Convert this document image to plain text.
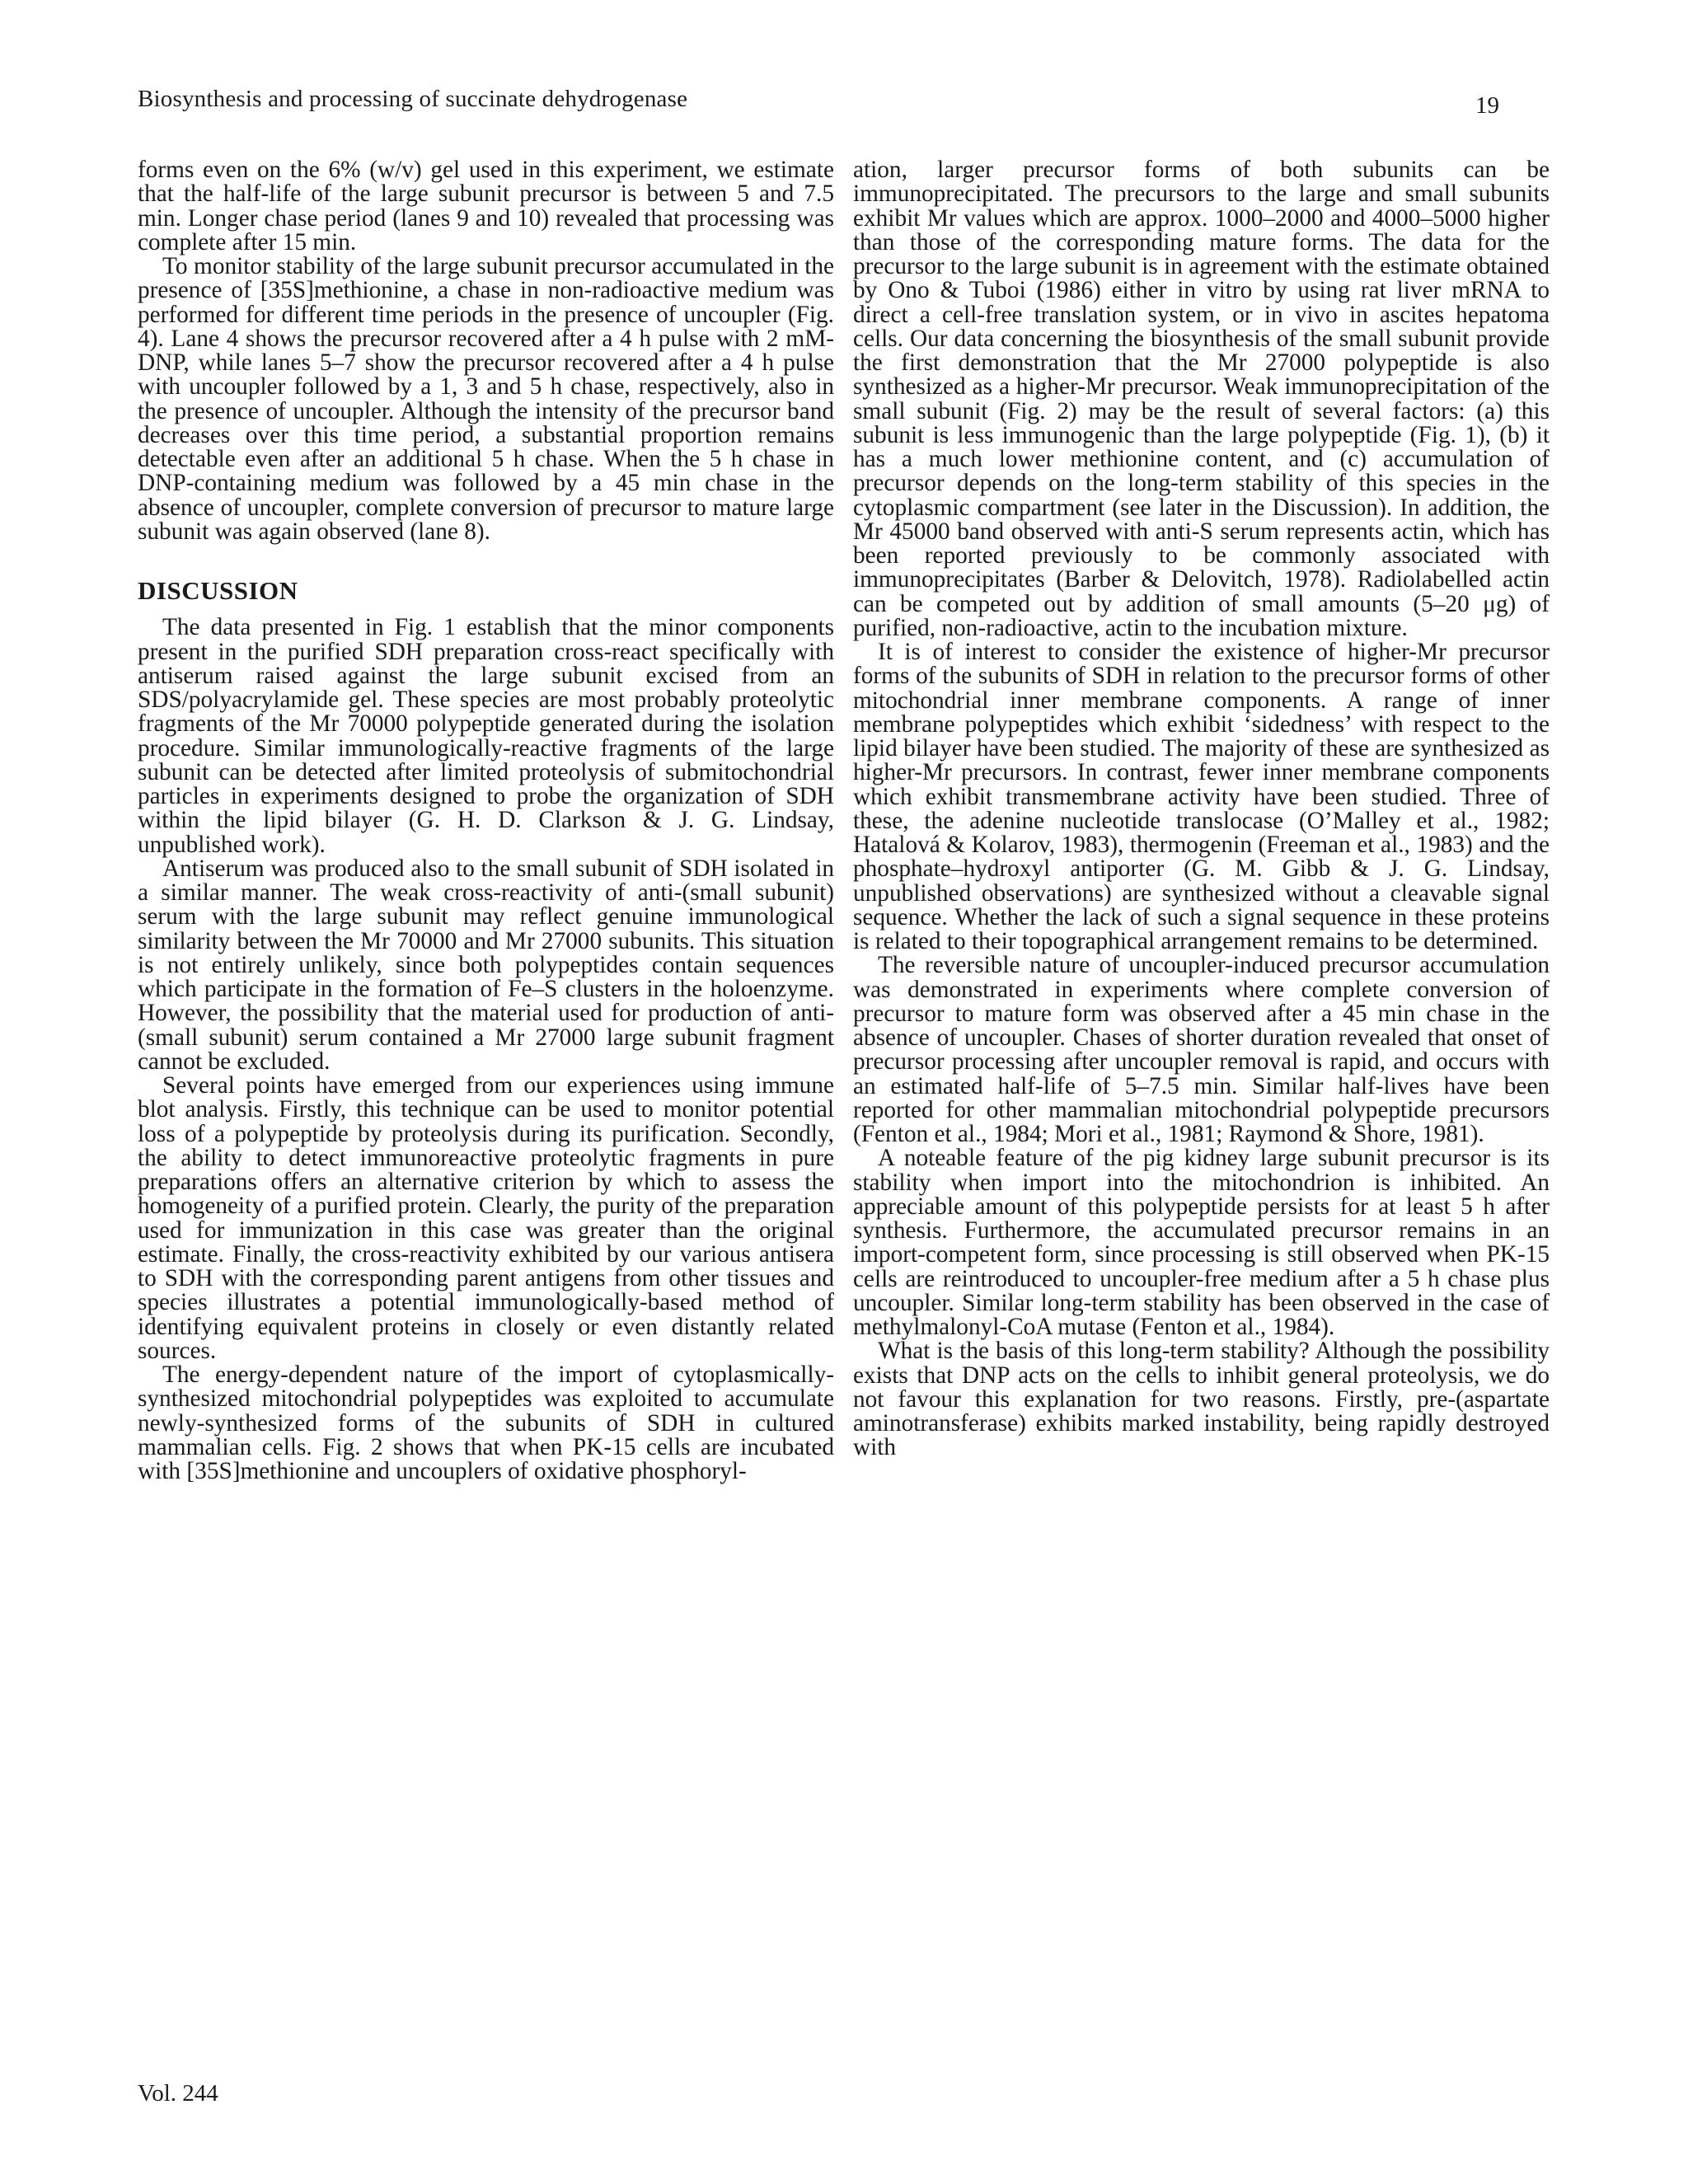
Biosynthesis and processing of succinate dehydrogenase	19

forms even on the 6% (w/v) gel used in this experiment, we estimate that the half-life of the large subunit precursor is between 5 and 7.5 min. Longer chase period (lanes 9 and 10) revealed that processing was complete after 15 min.

To monitor stability of the large subunit precursor accumulated in the presence of [35S]methionine, a chase in non-radioactive medium was performed for different time periods in the presence of uncoupler (Fig. 4). Lane 4 shows the precursor recovered after a 4 h pulse with 2 mM-DNP, while lanes 5–7 show the precursor recovered after a 4 h pulse with uncoupler followed by a 1, 3 and 5 h chase, respectively, also in the presence of uncoupler. Although the intensity of the precursor band decreases over this time period, a substantial proportion remains detectable even after an additional 5 h chase. When the 5 h chase in DNP-containing medium was followed by a 45 min chase in the absence of uncoupler, complete conversion of precursor to mature large subunit was again observed (lane 8).

DISCUSSION

The data presented in Fig. 1 establish that the minor components present in the purified SDH preparation cross-react specifically with antiserum raised against the large subunit excised from an SDS/polyacrylamide gel. These species are most probably proteolytic fragments of the Mr 70000 polypeptide generated during the isolation procedure. Similar immunologically-reactive fragments of the large subunit can be detected after limited proteolysis of submitochondrial particles in experiments designed to probe the organization of SDH within the lipid bilayer (G. H. D. Clarkson & J. G. Lindsay, unpublished work).

Antiserum was produced also to the small subunit of SDH isolated in a similar manner. The weak cross-reactivity of anti-(small subunit) serum with the large subunit may reflect genuine immunological similarity between the Mr 70000 and Mr 27000 subunits. This situation is not entirely unlikely, since both polypeptides contain sequences which participate in the formation of Fe–S clusters in the holoenzyme. However, the possibility that the material used for production of anti-(small subunit) serum contained a Mr 27000 large subunit fragment cannot be excluded.

Several points have emerged from our experiences using immune blot analysis. Firstly, this technique can be used to monitor potential loss of a polypeptide by proteolysis during its purification. Secondly, the ability to detect immunoreactive proteolytic fragments in pure preparations offers an alternative criterion by which to assess the homogeneity of a purified protein. Clearly, the purity of the preparation used for immunization in this case was greater than the original estimate. Finally, the cross-reactivity exhibited by our various antisera to SDH with the corresponding parent antigens from other tissues and species illustrates a potential immunologically-based method of identifying equivalent proteins in closely or even distantly related sources.

The energy-dependent nature of the import of cytoplasmically-synthesized mitochondrial polypeptides was exploited to accumulate newly-synthesized forms of the subunits of SDH in cultured mammalian cells. Fig. 2 shows that when PK-15 cells are incubated with [35S]methionine and uncouplers of oxidative phosphoryl-

ation, larger precursor forms of both subunits can be immunoprecipitated. The precursors to the large and small subunits exhibit Mr values which are approx. 1000–2000 and 4000–5000 higher than those of the corresponding mature forms. The data for the precursor to the large subunit is in agreement with the estimate obtained by Ono & Tuboi (1986) either in vitro by using rat liver mRNA to direct a cell-free translation system, or in vivo in ascites hepatoma cells. Our data concerning the biosynthesis of the small subunit provide the first demonstration that the Mr 27000 polypeptide is also synthesized as a higher-Mr precursor. Weak immunoprecipitation of the small subunit (Fig. 2) may be the result of several factors: (a) this subunit is less immunogenic than the large polypeptide (Fig. 1), (b) it has a much lower methionine content, and (c) accumulation of precursor depends on the long-term stability of this species in the cytoplasmic compartment (see later in the Discussion). In addition, the Mr 45000 band observed with anti-S serum represents actin, which has been reported previously to be commonly associated with immunoprecipitates (Barber & Delovitch, 1978). Radiolabelled actin can be competed out by addition of small amounts (5–20 μg) of purified, non-radioactive, actin to the incubation mixture.

It is of interest to consider the existence of higher-Mr precursor forms of the subunits of SDH in relation to the precursor forms of other mitochondrial inner membrane components. A range of inner membrane polypeptides which exhibit ‘sidedness’ with respect to the lipid bilayer have been studied. The majority of these are synthesized as higher-Mr precursors. In contrast, fewer inner membrane components which exhibit transmembrane activity have been studied. Three of these, the adenine nucleotide translocase (O’Malley et al., 1982; Hatalová & Kolarov, 1983), thermogenin (Freeman et al., 1983) and the phosphate–hydroxyl antiporter (G. M. Gibb & J. G. Lindsay, unpublished observations) are synthesized without a cleavable signal sequence. Whether the lack of such a signal sequence in these proteins is related to their topographical arrangement remains to be determined.

The reversible nature of uncoupler-induced precursor accumulation was demonstrated in experiments where complete conversion of precursor to mature form was observed after a 45 min chase in the absence of uncoupler. Chases of shorter duration revealed that onset of precursor processing after uncoupler removal is rapid, and occurs with an estimated half-life of 5–7.5 min. Similar half-lives have been reported for other mammalian mitochondrial polypeptide precursors (Fenton et al., 1984; Mori et al., 1981; Raymond & Shore, 1981).

A noteable feature of the pig kidney large subunit precursor is its stability when import into the mitochondrion is inhibited. An appreciable amount of this polypeptide persists for at least 5 h after synthesis. Furthermore, the accumulated precursor remains in an import-competent form, since processing is still observed when PK-15 cells are reintroduced to uncoupler-free medium after a 5 h chase plus uncoupler. Similar long-term stability has been observed in the case of methylmalonyl-CoA mutase (Fenton et al., 1984).

What is the basis of this long-term stability? Although the possibility exists that DNP acts on the cells to inhibit general proteolysis, we do not favour this explanation for two reasons. Firstly, pre-(aspartate aminotransferase) exhibits marked instability, being rapidly destroyed with

Vol. 244
